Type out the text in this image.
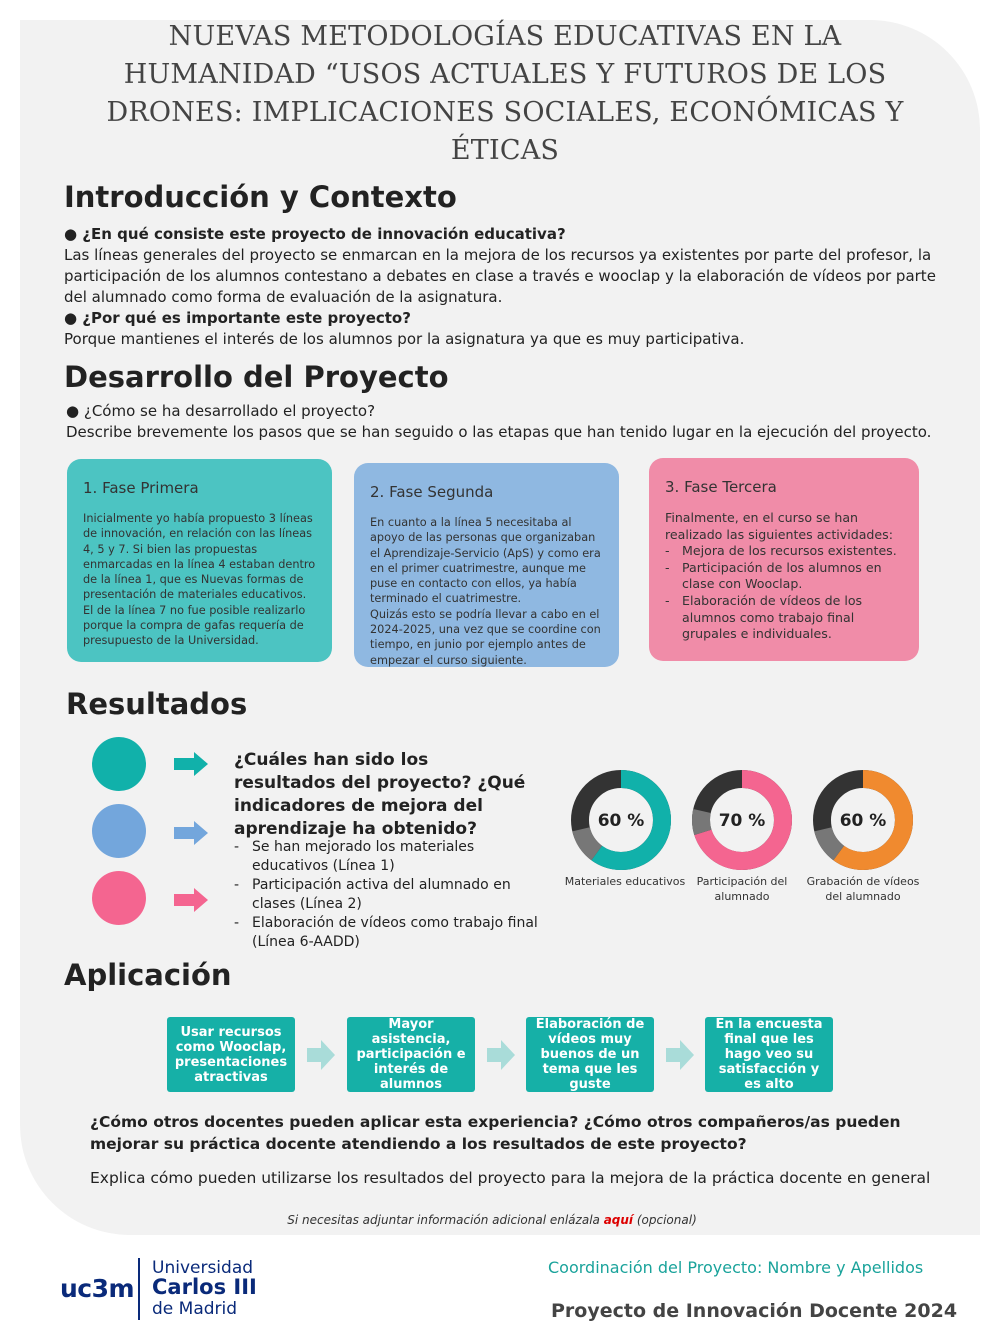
NUEVAS METODOLOGÍAS EDUCATIVAS EN LA HUMANIDAD “USOS ACTUALES Y FUTUROS DE LOS DRONES: IMPLICACIONES SOCIALES, ECONÓMICAS Y ÉTICAS
Introducción y Contexto

● ¿En qué consiste este proyecto de innovación educativa?

Las líneas generales del proyecto se enmarcan en la mejora de los recursos ya existentes por parte del profesor, la participación de los alumnos contestano a debates en clase a través e wooclap y la elaboración de vídeos por parte del alumnado como forma de evaluación de la asignatura.

● ¿Por qué es importante este proyecto?

Porque mantienes el interés de los alumnos por la asignatura ya que es muy participativa.

Desarrollo del Proyecto

● ¿Cómo se ha desarrollado el proyecto?

Describe brevemente los pasos que se han seguido o las etapas que han tenido lugar en la ejecución del proyecto.

1. Fase Primera
Inicialmente yo había propuesto 3 líneas de innovación, en relación con las líneas 4, 5 y 7. Si bien las propuestas enmarcadas en la línea 4 estaban dentro de la línea 1, que es Nuevas formas de presentación de materiales educativos.
El de la línea 7 no fue posible realizarlo porque la compra de gafas requería de presupuesto de la Universidad.
2. Fase Segunda
En cuanto a la línea 5 necesitaba al apoyo de las personas que organizaban el Aprendizaje-Servicio (ApS) y como era en el primer cuatrimestre, aunque me puse en contacto con ellos, ya había terminado el cuatrimestre.
Quizás esto se podría llevar a cabo en el 2024-2025, una vez que se coordine con tiempo, en junio por ejemplo antes de empezar el curso siguiente.
3. Fase Tercera
Finalmente, en el curso se han realizado las siguientes actividades:
- Mejora de los recursos existentes.
- Participación de los alumnos en clase con Wooclap.
- Elaboración de vídeos de los alumnos como trabajo final grupales e individuales.
Resultados

¿Cuáles han sido los resultados del proyecto? ¿Qué indicadores de mejora del aprendizaje ha obtenido?

- Se han mejorado los materiales educativos (Línea 1)
- Participación activa del alumnado en clases (Línea 2)
- Elaboración de vídeos como trabajo final (Línea 6-AADD)
60 %	70 %	60 %
Materiales educativos	Participación del alumnado
Grabación de vídeos del alumnado
Aplicación
Usar recursos como Wooclap, presentaciones atractivas
Mayor asistencia, participación e interés de alumnos
Elaboración de vídeos muy buenos de un tema que les guste
En la encuesta final que les hago veo su satisfacción y es alto

¿Cómo otros docentes pueden aplicar esta experiencia? ¿Cómo otros compañeros/as pueden mejorar su práctica docente atendiendo a los resultados de este proyecto?

Explica cómo pueden utilizarse los resultados del proyecto para la mejora de la práctica docente en general

Si necesitas adjuntar información adicional enlázala aquí (opcional)
uc3m
Universidad
Carlos III
de Madrid
Coordinación del Proyecto: Nombre y Apellidos
Proyecto de Innovación Docente 2024
